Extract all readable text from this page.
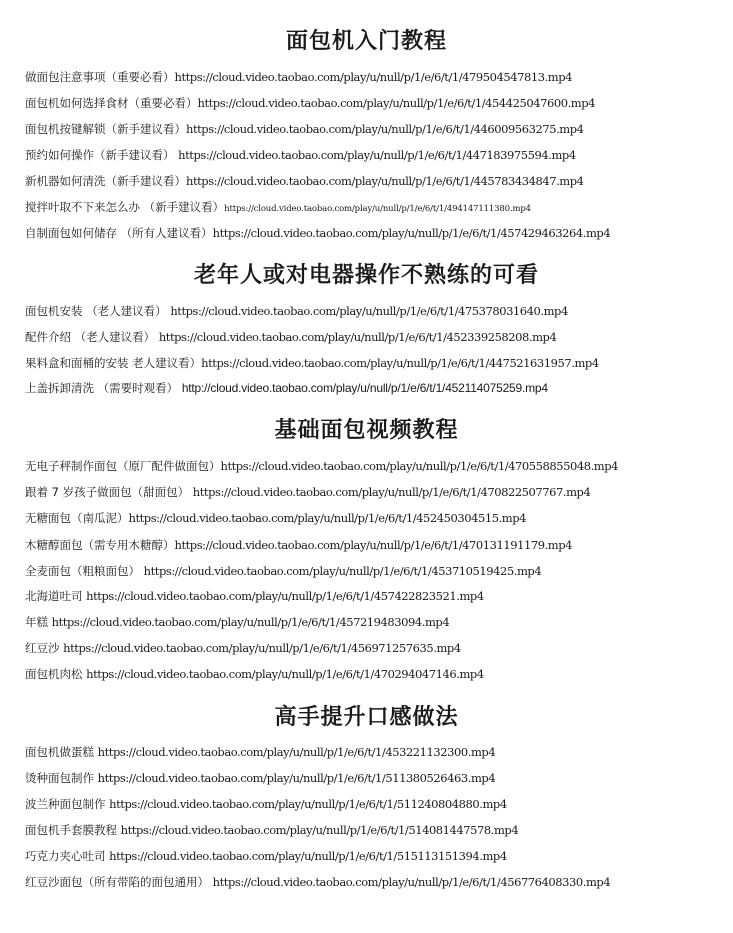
面包机入门教程
做面包注意事项（重要必看）https://cloud.video.taobao.com/play/u/null/p/1/e/6/t/1/479504547813.mp4
面包机如何选择食材（重要必看）https://cloud.video.taobao.com/play/u/null/p/1/e/6/t/1/454425047600.mp4
面包机按键解锁（新手建议看）https://cloud.video.taobao.com/play/u/null/p/1/e/6/t/1/446009563275.mp4
预约如何操作（新手建议看） https://cloud.video.taobao.com/play/u/null/p/1/e/6/t/1/447183975594.mp4
新机器如何清洗（新手建议看）https://cloud.video.taobao.com/play/u/null/p/1/e/6/t/1/445783434847.mp4
搅拌叶取不下来怎么办 （新手建议看）https://cloud.video.taobao.com/play/u/null/p/1/e/6/t/1/494147111380.mp4
自制面包如何储存 （所有人建议看）https://cloud.video.taobao.com/play/u/null/p/1/e/6/t/1/457429463264.mp4
老年人或对电器操作不熟练的可看
面包机安装 （老人建议看） https://cloud.video.taobao.com/play/u/null/p/1/e/6/t/1/475378031640.mp4
配件介绍 （老人建议看） https://cloud.video.taobao.com/play/u/null/p/1/e/6/t/1/452339258208.mp4
果料盒和面桶的安装 老人建议看）https://cloud.video.taobao.com/play/u/null/p/1/e/6/t/1/447521631957.mp4
上盖拆卸清洗 （需要时观看） http://cloud.video.taobao.com/play/u/null/p/1/e/6/t/1/452114075259.mp4
基础面包视频教程
无电子秤制作面包（原厂配件做面包）https://cloud.video.taobao.com/play/u/null/p/1/e/6/t/1/470558855048.mp4
跟着 7 岁孩子做面包（甜面包） https://cloud.video.taobao.com/play/u/null/p/1/e/6/t/1/470822507767.mp4
无糖面包（南瓜泥）https://cloud.video.taobao.com/play/u/null/p/1/e/6/t/1/452450304515.mp4
木糖醇面包（需专用木糖醇）https://cloud.video.taobao.com/play/u/null/p/1/e/6/t/1/470131191179.mp4
全麦面包（粗粮面包） https://cloud.video.taobao.com/play/u/null/p/1/e/6/t/1/453710519425.mp4
北海道吐司 https://cloud.video.taobao.com/play/u/null/p/1/e/6/t/1/457422823521.mp4
年糕 https://cloud.video.taobao.com/play/u/null/p/1/e/6/t/1/457219483094.mp4
红豆沙 https://cloud.video.taobao.com/play/u/null/p/1/e/6/t/1/456971257635.mp4
面包机肉松 https://cloud.video.taobao.com/play/u/null/p/1/e/6/t/1/470294047146.mp4
高手提升口感做法
面包机做蛋糕 https://cloud.video.taobao.com/play/u/null/p/1/e/6/t/1/453221132300.mp4
烫种面包制作 https://cloud.video.taobao.com/play/u/null/p/1/e/6/t/1/511380526463.mp4
波兰种面包制作 https://cloud.video.taobao.com/play/u/null/p/1/e/6/t/1/511240804880.mp4
面包机手套膜教程 https://cloud.video.taobao.com/play/u/null/p/1/e/6/t/1/514081447578.mp4
巧克力夹心吐司 https://cloud.video.taobao.com/play/u/null/p/1/e/6/t/1/515113151394.mp4
红豆沙面包（所有带陷的面包通用） https://cloud.video.taobao.com/play/u/null/p/1/e/6/t/1/456776408330.mp4
